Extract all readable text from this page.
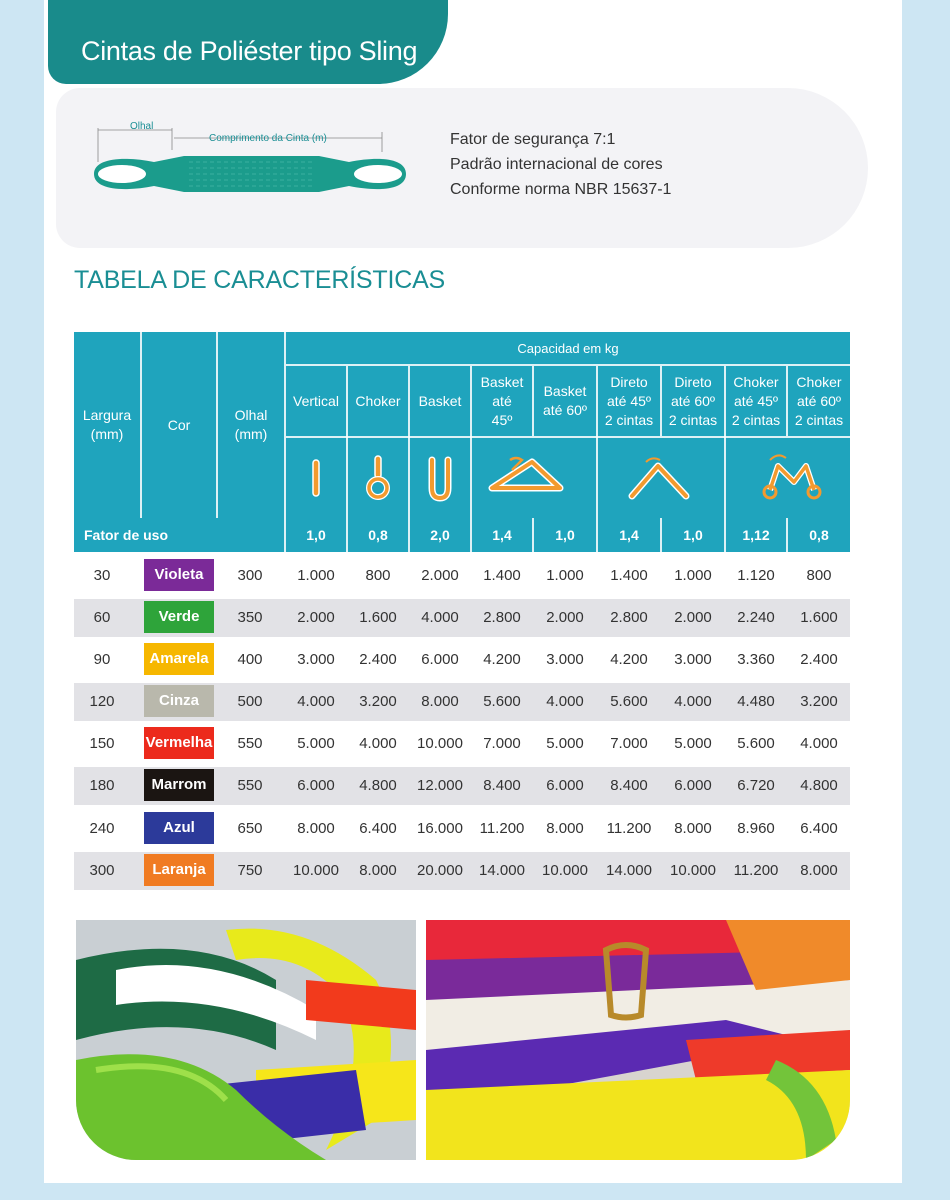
Cintas de Poliéster tipo Sling
Olhal
Comprimento da Cinta (m)	Fator de segurança 7:1
Padrão internacional de cores
Conforme norma NBR 15637-1
TABELA DE CARACTERÍSTICAS
Largura (mm)
Cor
Olhal (mm)
Capacidad em kg
Vertical	Choker	Basket
Basket até 45º
Basket até 60º
Direto até 45º 2 cintas
Direto até 60º 2 cintas
Choker até 45º 2 cintas
Choker até 60º 2 cintas
Fator de uso	1,0	0,8	2,0	1,4	1,0	1,4	1,0	1,12	0,8
30	Violeta	300	1.000	800	2.000	1.400	1.000	1.400	1.000	1.120	800
60	Verde	350	2.000	1.600	4.000	2.800	2.000	2.800	2.000	2.240	1.600
90	Amarela	400	3.000	2.400	6.000	4.200	3.000	4.200	3.000	3.360	2.400
120	Cinza	500	4.000	3.200	8.000	5.600	4.000	5.600	4.000	4.480	3.200
150	Vermelha	550	5.000	4.000	10.000	7.000	5.000	7.000	5.000	5.600	4.000
180	Marrom	550	6.000	4.800	12.000	8.400	6.000	8.400	6.000	6.720	4.800
240	Azul	650	8.000	6.400	16.000	11.200	8.000	11.200	8.000	8.960	6.400
300	Laranja	750	10.000	8.000	20.000	14.000	10.000	14.000	10.000	11.200	8.000
